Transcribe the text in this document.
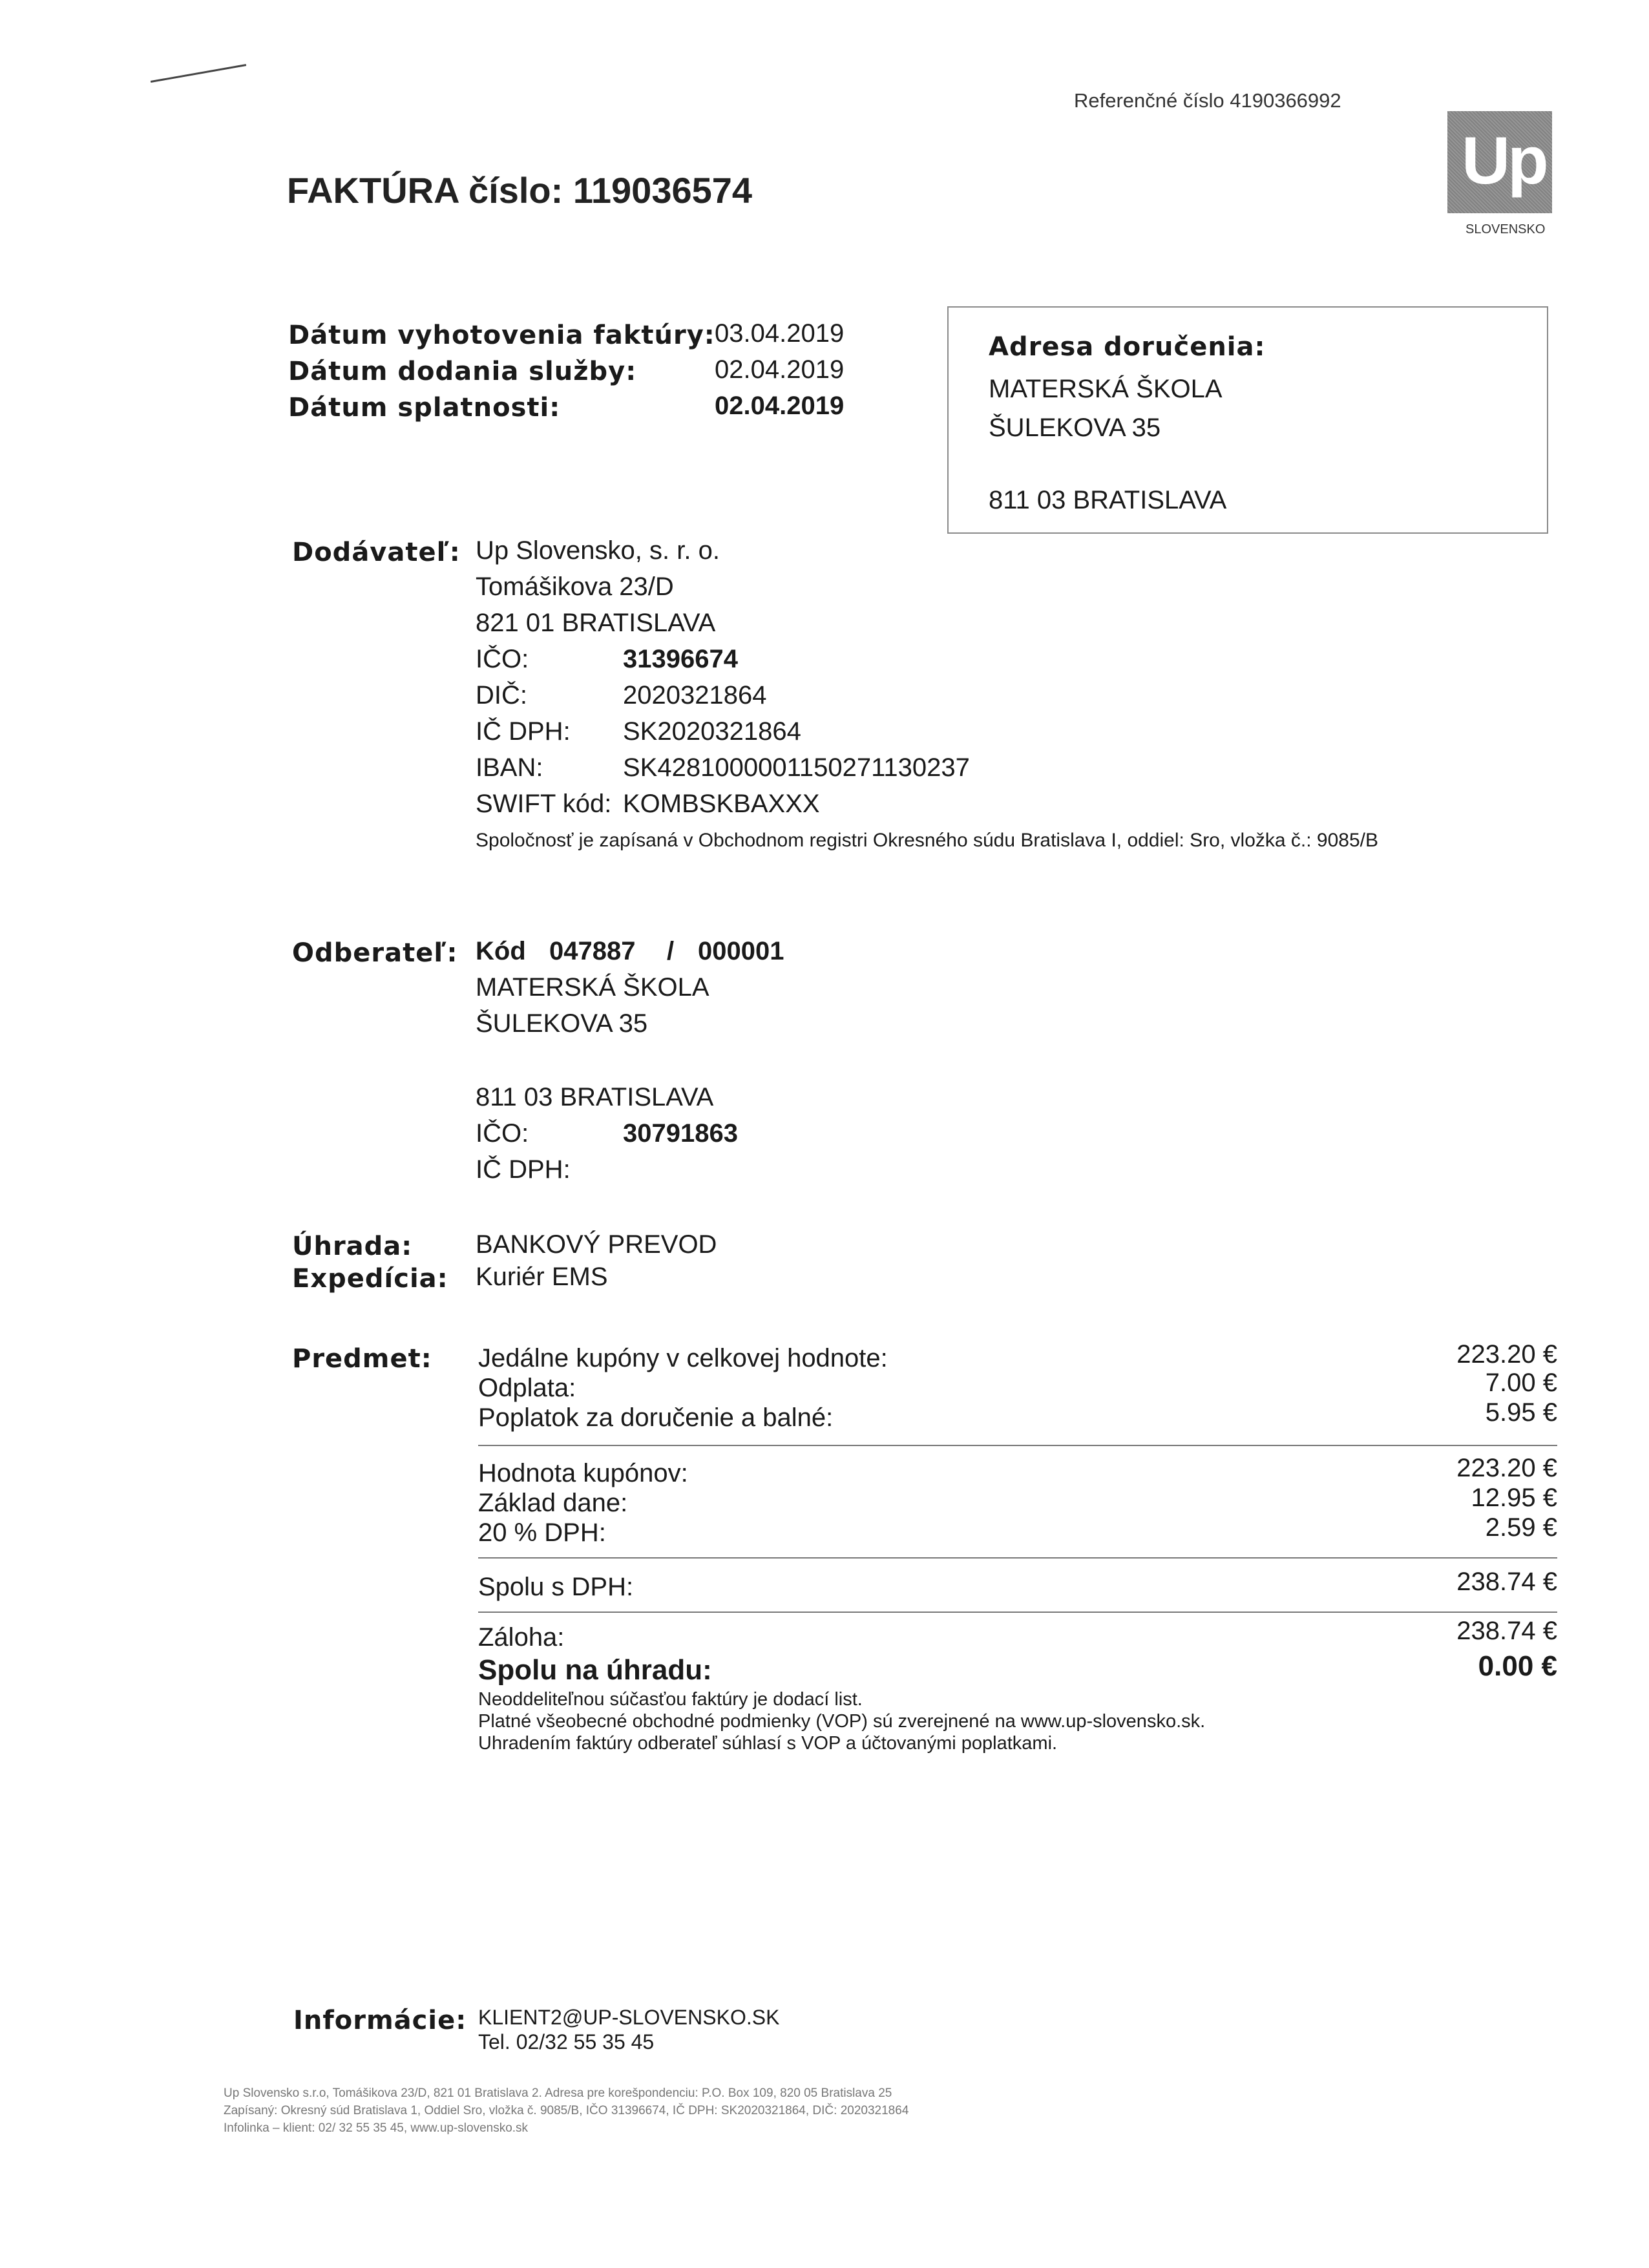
Referenčné číslo 4190366992
FAKTÚRA číslo: 119036574	Up
SLOVENSKO
Dátum vyhotovenia faktúry: 03.04.2019
Dátum dodania služby:	02.04.2019
Dátum splatnosti:	02.04.2019
Adresa doručenia:
MATERSKÁ ŠKOLA
ŠULEKOVA 35
811 03 BRATISLAVA
Dodávateľ: Up Slovensko, s. r. o.
Tomášikova 23/D
821 01 BRATISLAVA
IČO:	31396674
DIČ:	2020321864
IČ DPH: SK2020321864
IBAN:	SK4281000001150271130237
SWIFT kód: KOMBSKBAXXX
Spoločnosť je zapísaná v Obchodnom registri Okresného súdu Bratislava I, oddiel: Sro, vložka č.: 9085/B
Odberateľ: Kód 047887 / 000001
MATERSKÁ ŠKOLA
ŠULEKOVA 35
811 03 BRATISLAVA
IČO:	30791863
IČ DPH:
Úhrada: BANKOVÝ PREVOD
Expedícia: Kuriér EMS
Predmet: Jedálne kupóny v celkovej hodnote:	223.20 €
Odplata:	7.00 €
Poplatok za doručenie a balné:	5.95 €
Hodnota kupónov:	223.20 €
Základ dane:	12.95 €
20 % DPH:	2.59 €
Spolu s DPH:	238.74 €
Záloha:	238.74 €
Spolu na úhradu:	0.00 €
Neoddeliteľnou súčasťou faktúry je dodací list.
Platné všeobecné obchodné podmienky (VOP) sú zverejnené na www.up-slovensko.sk.
Uhradením faktúry odberateľ súhlasí s VOP a účtovanými poplatkami.
Informácie: KLIENT2@UP-SLOVENSKO.SK
Tel. 02/32 55 35 45
Up Slovensko s.r.o, Tomášikova 23/D, 821 01 Bratislava 2. Adresa pre korešpondenciu: P.O. Box 109, 820 05 Bratislava 25
Zapísaný: Okresný súd Bratislava 1, Oddiel Sro, vložka č. 9085/B, IČO 31396674, IČ DPH: SK2020321864, DIČ: 2020321864
Infolinka – klient: 02/ 32 55 35 45, www.up-slovensko.sk
